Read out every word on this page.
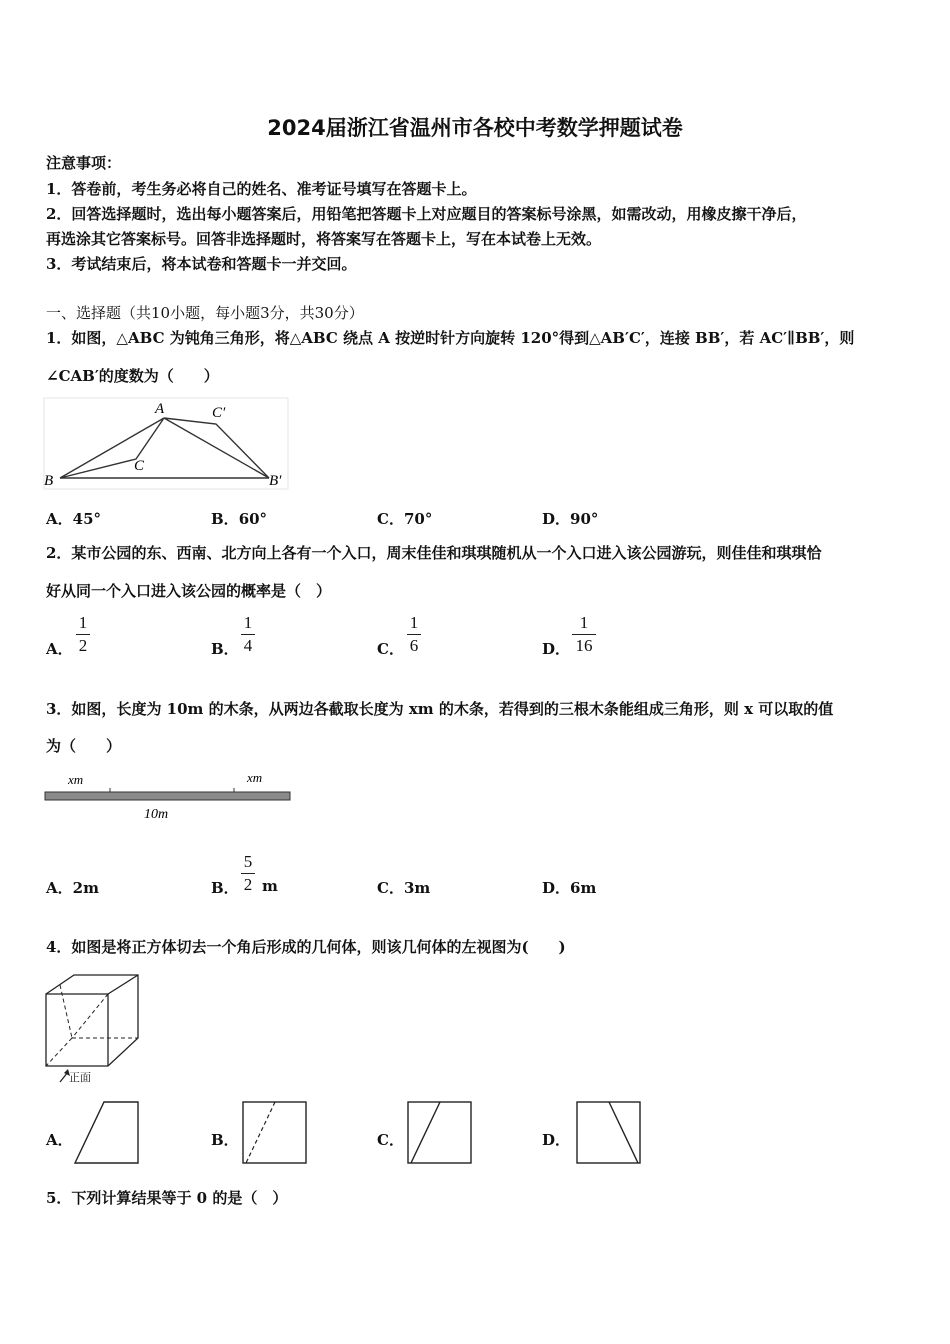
2024届浙江省温州市各校中考数学押题试卷
注意事项：
1．答卷前，考生务必将自己的姓名、准考证号填写在答题卡上。
2．回答选择题时，选出每小题答案后，用铅笔把答题卡上对应题目的答案标号涂黑，如需改动，用橡皮擦干净后，
再选涂其它答案标号。回答非选择题时，将答案写在答题卡上，写在本试卷上无效。
3．考试结束后，将本试卷和答题卡一并交回。
一、选择题（共10小题，每小题3分，共30分）
1．如图，△ABC 为钝角三角形，将△ABC 绕点 A 按逆时针方向旋转 120°得到△AB′C′，连接 BB′，若 AC′∥BB′，则
∠CAB′的度数为（　　）
A
B
C
C′
B′
A．45°	B．60°	C．70°	D．90°
2．某市公园的东、西南、北方向上各有一个入口，周末佳佳和琪琪随机从一个入口进入该公园游玩，则佳佳和琪琪恰
好从同一个入口进入该公园的概率是（　）
A．
1
2	B．
1
4	C．
1
6	D．
1
16
3．如图，长度为 10m 的木条，从两边各截取长度为 xm 的木条，若得到的三根木条能组成三角形，则 x 可以取的值
为（　　）
xm	xm
10m
A．2m	B．
5
2 m	C．3m	D．6m
4．如图是将正方体切去一个角后形成的几何体，则该几何体的左视图为(　　)
正面
A．	B．	C．	D．
5．下列计算结果等于 0 的是（　）
